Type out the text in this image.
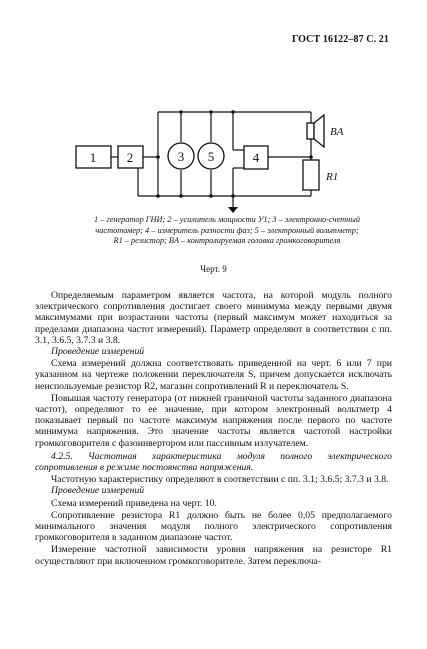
ГОСТ 16122–87 С. 21
1 2	3 5	4
BA
R1
1 – генератор ГНИ; 2 – усилитель мощности У1; 3 – электронно-счетный
частотомер; 4 – измеритель разности фаз; 5 – электронный вольтметр;
R1 – резистор; BA – контролируемая головка громкоговорителя
Черт. 9

Определяемым параметром является частота, на которой модуль полного электрического сопротивления достигает своего минимума между первыми двумя максимумами при возрастании частоты (первый максимум может находиться за пределами диапазона частот измерений). Параметр определяют в соответствии с пп. 3.1, 3.6.5, 3.7.3 и 3.8.

Проведение измерений

Схема измерений должна соответствовать приведенной на черт. 6 или 7 при указанном на чертеже положении переключателя S, причем допускается исключать неиспользуемые резистор R2, магазин сопротивлений R и переключатель S.

Повышая частоту генератора (от нижней граничной частоты заданного диапазона частот), определяют то ее значение, при котором электронный вольтметр 4 показывает первый по частоте максимум напряжения после первого по частоте минимума напряжения. Это значение частоты является частотой настройки громкоговорителя с фазоинвертором или пассивным излучателем.

4.2.5. Частотная характеристика модуля полного электрического сопротивления в режиме постоянства напряжения.

Частотную характеристику определяют в соответствии с пп. 3.1; 3.6.5; 3.7.3 и 3.8.

Проведение измерений

Схема измерений приведена на черт. 10.

Сопротивление резистора R1 должно быть не более 0,05 предполагаемого минимального значения модуля полного электрического сопротивления громкоговорителя в заданном диапазоне частот.

Измерение частотной зависимости уровня напряжения на резисторе R1 осуществляют при включенном громкоговорителе. Затем переключа-
